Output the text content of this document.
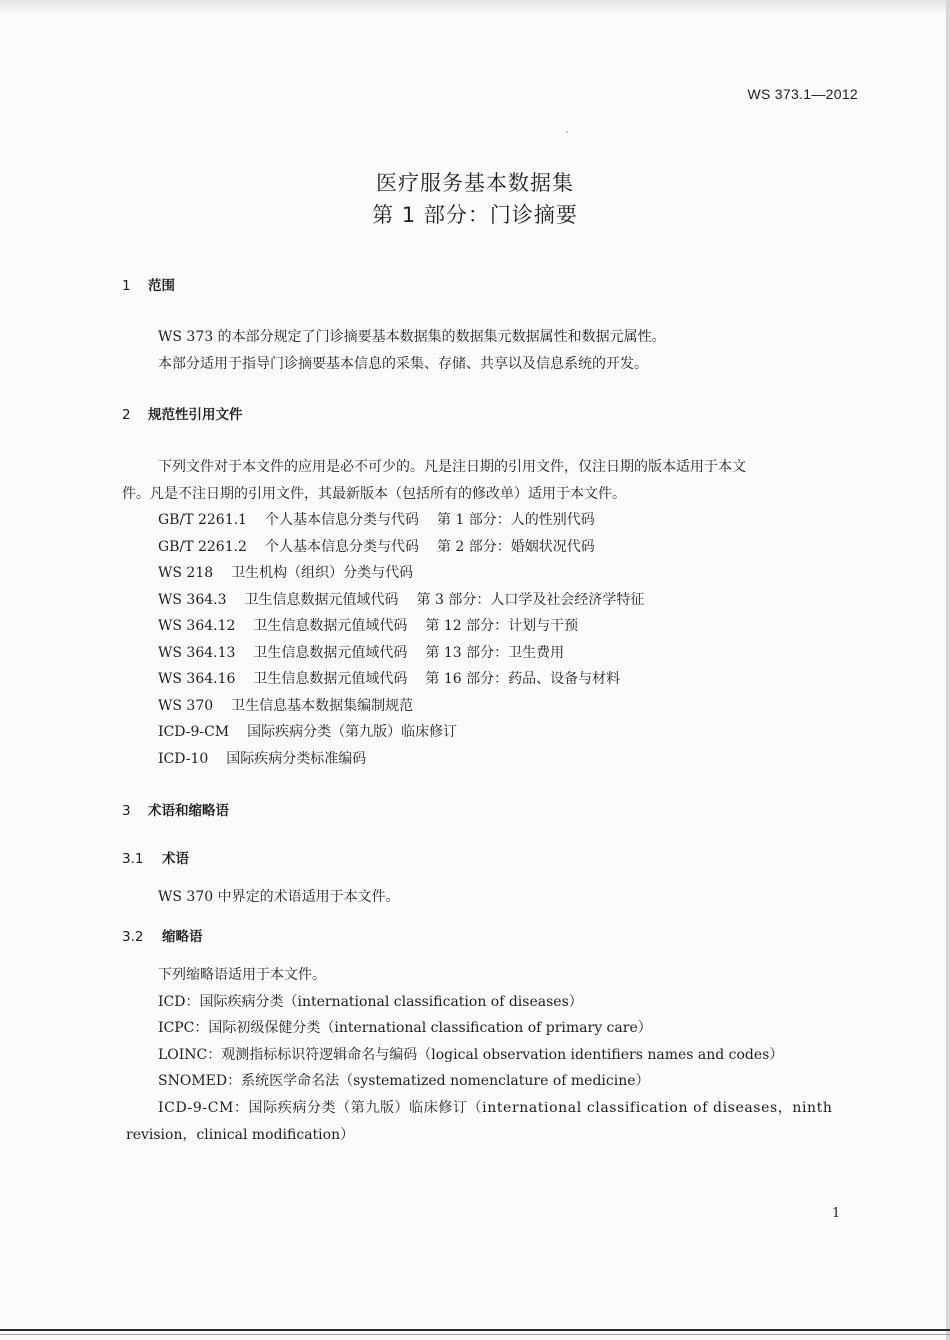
WS 373.1—2012
医疗服务基本数据集
第 1 部分：门诊摘要
1 范围
WS 373 的本部分规定了门诊摘要基本数据集的数据集元数据属性和数据元属性。
本部分适用于指导门诊摘要基本信息的采集、存储、共享以及信息系统的开发。
2 规范性引用文件
下列文件对于本文件的应用是必不可少的。凡是注日期的引用文件，仅注日期的版本适用于本文
件。凡是不注日期的引用文件，其最新版本（包括所有的修改单）适用于本文件。
GB/T 2261.1 个人基本信息分类与代码 第 1 部分：人的性别代码
GB/T 2261.2 个人基本信息分类与代码 第 2 部分：婚姻状况代码
WS 218 卫生机构（组织）分类与代码
WS 364.3 卫生信息数据元值域代码 第 3 部分：人口学及社会经济学特征
WS 364.12 卫生信息数据元值域代码 第 12 部分：计划与干预
WS 364.13 卫生信息数据元值域代码 第 13 部分：卫生费用
WS 364.16 卫生信息数据元值域代码 第 16 部分：药品、设备与材料
WS 370 卫生信息基本数据集编制规范
ICD-9-CM 国际疾病分类（第九版）临床修订
ICD-10 国际疾病分类标准编码
3 术语和缩略语
3.1 术语
WS 370 中界定的术语适用于本文件。
3.2 缩略语
下列缩略语适用于本文件。
ICD：国际疾病分类（international classification of diseases）
ICPC：国际初级保健分类（international classification of primary care）
LOINC：观测指标标识符逻辑命名与编码（logical observation identifiers names and codes）
SNOMED：系统医学命名法（systematized nomenclature of medicine）
ICD-9-CM：国际疾病分类（第九版）临床修订（international classification of diseases，ninth
revision，clinical modification）
1
